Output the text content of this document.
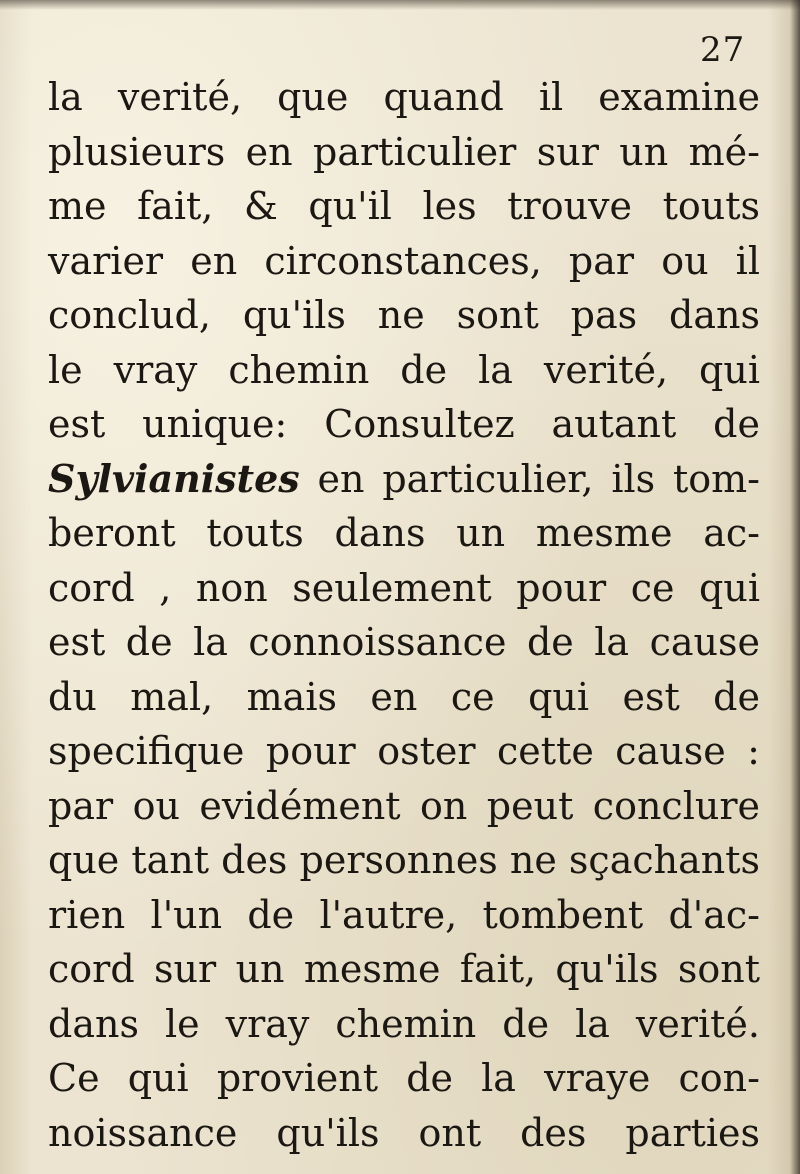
27
la verité, que quand il examine
plusieurs en particulier sur un mé-
me fait, & qu'il les trouve touts
varier en circonstances, par ou il
conclud, qu'ils ne sont pas dans
le vray chemin de la verité, qui
est unique: Consultez autant de
Sylvianistes en particulier, ils tom-
beront touts dans un mesme ac-
cord , non seulement pour ce qui
est de la connoissance de la cause
du mal, mais en ce qui est de
specifique pour oster cette cause :
par ou evidément on peut conclure
que tant des personnes ne sçachants
rien l'un de l'autre, tombent d'ac-
cord sur un mesme fait, qu'ils sont
dans le vray chemin de la verité.
Ce qui provient de la vraye con-
noissance qu'ils ont des parties
